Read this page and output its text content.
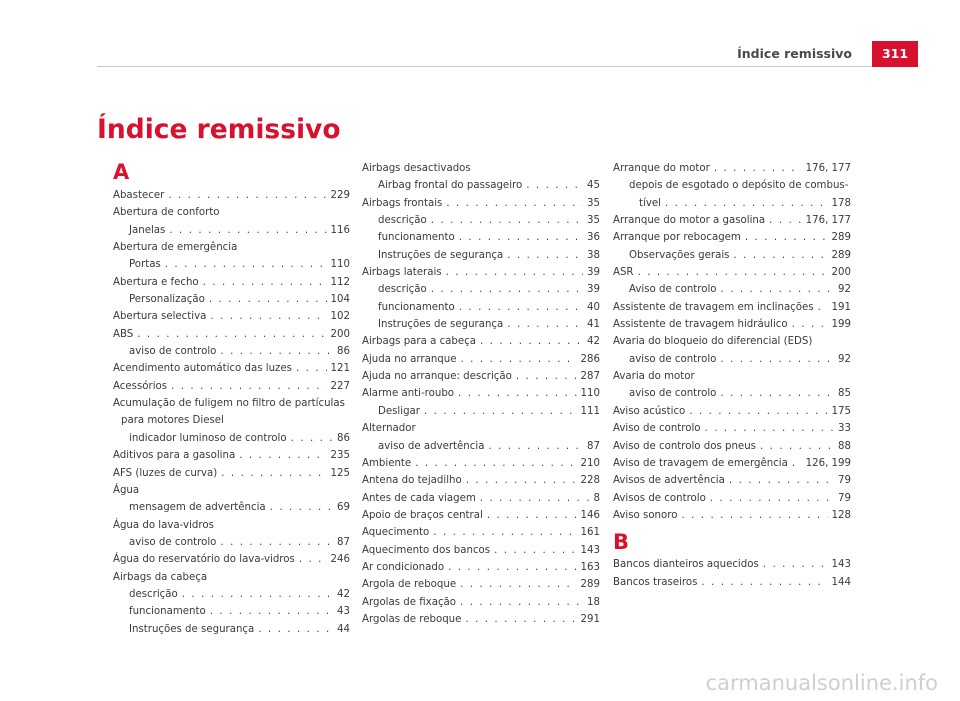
Índice remissivo	311
Índice remissivo
A
Abastecer . . .	229
Abertura de conforto
Janelas . . .	116
Abertura de emergência
Portas . . .	110
Abertura e fecho . . .	112
Personalização . . .	104
Abertura selectiva . . .	102
ABS . . .	200
aviso de controlo . . .	86
Acendimento automático das luzes . . .	121
Acessórios . . .	227
Acumulação de fuligem no filtro de partículas
para motores Diesel
indicador luminoso de controlo . . .	86
Aditivos para a gasolina . . .	235
AFS (luzes de curva) . . .	125
Água
mensagem de advertência . . .	69
Água do lava-vidros
aviso de controlo . . .	87
Água do reservatório do lava-vidros . . .	246
Airbags da cabeça
descrição . . .	42
funcionamento . . .	43
Instruções de segurança . . .	44
Airbags desactivados
Airbag frontal do passageiro . . .	45
Airbags frontais . . .	35
descrição . . .	35
funcionamento . . .	36
Instruções de segurança . . .	38
Airbags laterais . . .	39
descrição . . .	39
funcionamento . . .	40
Instruções de segurança . . .	41
Airbags para a cabeça . . .	42
Ajuda no arranque . . .	286
Ajuda no arranque: descrição . . .	287
Alarme anti-roubo . . .	110
Desligar . . .	111
Alternador
aviso de advertência . . .	87
Ambiente . . .	210
Antena do tejadilho . . .	228
Antes de cada viagem . . .	8
Apoio de braços central . . .	146
Aquecimento . . .	161
Aquecimento dos bancos . . .	143
Ar condicionado . . .	163
Argola de reboque . . .	289
Argolas de fixação . . .	18
Argolas de reboque . . .	291
Arranque do motor . . .	176, 177
depois de esgotado o depósito de combus-
tível . . .	178
Arranque do motor a gasolina . . .	176, 177
Arranque por rebocagem . . .	289
Observações gerais . . .	289
ASR . . .	200
Aviso de controlo . . .	92
Assistente de travagem em inclinações . . . 191
Assistente de travagem hidráulico . . .	199
Avaria do bloqueio do diferencial (EDS)
aviso de controlo . . .	92
Avaria do motor
aviso de controlo . . .	85
Aviso acústico . . .	175
Aviso de controlo . . .	33
Aviso de controlo dos pneus . . .	88
Aviso de travagem de emergência . . . 126, 199
Avisos de advertência . . .	79
Avisos de controlo . . .	79
Aviso sonoro . . .	128
B
Bancos dianteiros aquecidos . . .	143
Bancos traseiros . . .	144
carmanualsonline.info
